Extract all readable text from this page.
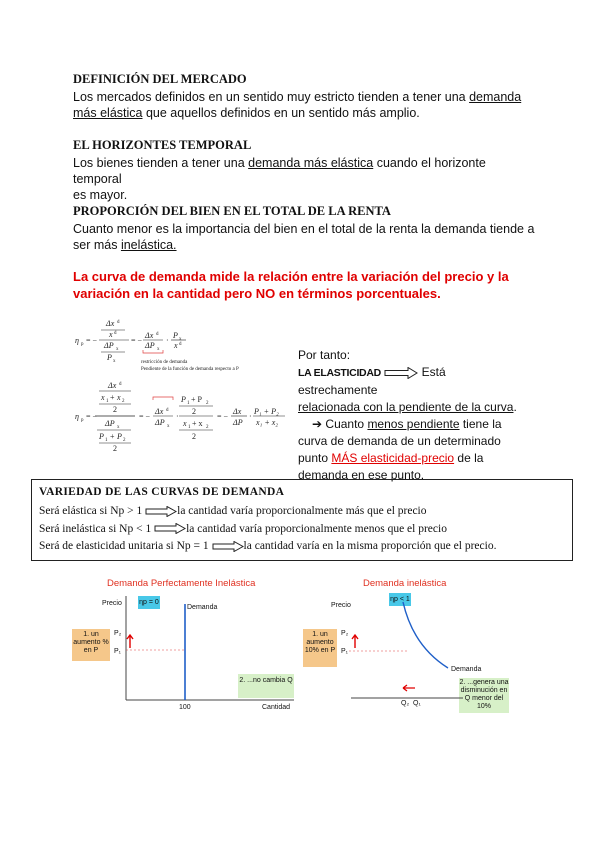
DEFINICIÓN DEL MERCADO
Los mercados definidos en un sentido muy estricto tienden a tener una demanda
más elástica que aquellos definidos en un sentido más amplio.
EL HORIZONTES TEMPORAL
Los bienes tienden a tener una demanda más elástica cuando el horizonte temporal
es mayor.
PROPORCIÓN DEL BIEN EN EL TOTAL DE LA RENTA
Cuanto menor es la importancia del bien en el total de la renta la demanda tiende a
ser más inelástica.
La curva de demanda mide la relación entre la variación del precio y la
variación en la cantidad pero NO en términos porcentuales.
η p = −
Δx d
x d
ΔP x
P x
= −
Δx d
ΔP x
·
P x
x d
restricción de demanda
Pendiente de la función de demanda respecto a P
η p = −
Δx d
x 1 + x 2
2
ΔP x
P 1 + P 2
2
= −
Δx d
ΔP x
·
P 1 + P 2
2
x 1 + x 2
2
= −
Δx
ΔP
·
P₁ + P₂
x₁ + x₂
Por tanto:
LA ELASTICIDAD	Está estrechamente
relacionada con la pendiente de la curva.
➔ Cuanto menos pendiente tiene la
curva de demanda de un determinado
punto MÁS elasticidad-precio de la
demanda en ese punto.
VARIEDAD DE LAS CURVAS DE DEMANDA
Será elástica si Np > 1	la cantidad varía proporcionalmente más que el precio
Será inelástica si Np < 1	la cantidad varía proporcionalmente menos que el precio
Será de elasticidad unitaria si Np = 1	la cantidad varía en la misma proporción que el precio.
Demanda Perfectamente Inelástica
Precio ηp = 0
Demanda
P₂
P₁
1. un aumento % en P
2. ...no cambia Q
100	Cantidad
Demanda inelástica
Precio
ηp < 1
P₂
P₁
1. un aumento 10% en P
Demanda
2. ...genera una disminución en Q menor del 10%
Q₂ Q₁
